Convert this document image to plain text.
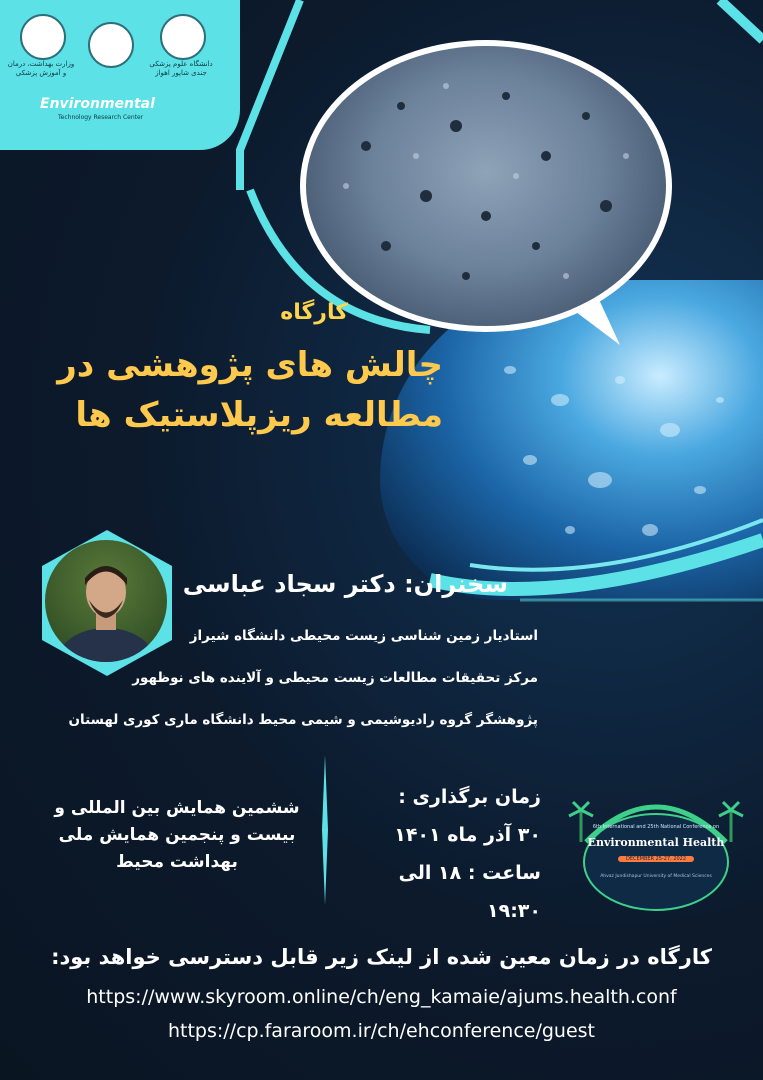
وزارت بهداشت، درمان و آموزش پزشکی
دانشگاه علوم پزشکی جندی شاپور اهواز
Environmental
Technology Research Center
کارگاه
چالش های پژوهشی در
مطالعه ریزپلاستیک ها
سخنران: دکتر سجاد عباسی
استادیار زمین شناسی زیست محیطی دانشگاه شیراز
مرکز تحقیقات مطالعات زیست محیطی و آلاینده های نوظهور
پژوهشگر گروه رادیوشیمی و شیمی محیط دانشگاه ماری کوری لهستان
زمان برگذاری :
۳۰ آذر ماه ۱۴۰۱
ساعت : ۱۸ الی ۱۹:۳۰
ششمین همایش بین المللی و
بیست و پنجمین همایش ملی
بهداشت محیط
6th International and 25th National Conference on
Environmental Health
DECEMBER 25-27, 2022
Ahvaz Jundishapur University of Medical Sciences
کارگاه در زمان معین شده از لینک زیر قابل دسترسی خواهد بود:
https://www.skyroom.online/ch/eng_kamaie/ajums.health.conf
https://cp.fararoom.ir/ch/ehconference/guest
